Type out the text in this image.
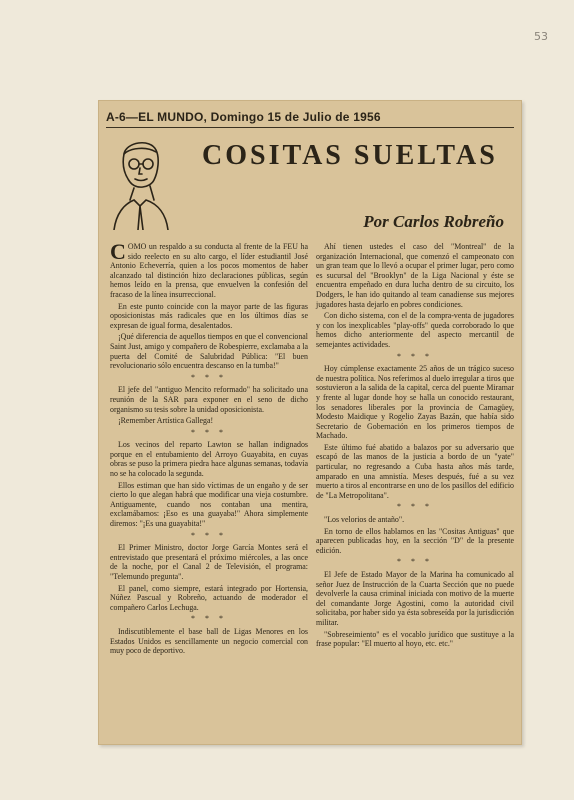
53
A-6—EL MUNDO, Domingo 15 de Julio de 1956
COSITAS SUELTAS
Por Carlos Robreño

COMO un respaldo a su conducta al frente de la FEU ha sido reelecto en su alto cargo, el líder estudiantil José Antonio Echeverría, quien a los pocos momentos de haber alcanzado tal distinción hizo declaraciones públicas, según hemos leído en la prensa, que envuelven la confesión del fracaso de la línea insurreccional.

En este punto coincide con la mayor parte de las figuras oposicionistas más radicales que en los últimos días se expresan de igual forma, desalentados.

¡Qué diferencia de aquellos tiempos en que el convencional Saint Just, amigo y compañero de Robespierre, exclamaba a la puerta del Comité de Salubridad Pública: "El buen revolucionario sólo encuentra descanso en la tumba!"

* * *

El jefe del "antiguo Mencito reformado" ha solicitado una reunión de la SAR para exponer en el seno de dicho organismo su tesis sobre la unidad oposicionista.

¡Remember Artística Gallega!

* * *

Los vecinos del reparto Lawton se hallan indignados porque en el entubamiento del Arroyo Guayabita, en cuyas obras se puso la primera piedra hace algunas semanas, todavía no se ha colocado la segunda.

Ellos estiman que han sido víctimas de un engaño y de ser cierto lo que alegan habrá que modificar una vieja costumbre. Antiguamente, cuando nos contaban una mentira, exclamábamos: ¡Eso es una guayaba!" Ahora simplemente diremos: "¡Es una guayabita!"

* * *

El Primer Ministro, doctor Jorge García Montes será el entrevistado que presentará el próximo miércoles, a las once de la noche, por el Canal 2 de Televisión, el programa: "Telemundo pregunta".

El panel, como siempre, estará integrado por Hortensia, Núñez Pascual y Robreño, actuando de moderador el compañero Carlos Lechuga.

* * *

Indiscutiblemente el base ball de Ligas Menores en los Estados Unidos es sencillamente un negocio comercial con muy poco de deportivo.

Ahí tienen ustedes el caso del "Montreal" de la organización Internacional, que comenzó el campeonato con un gran team que lo llevó a ocupar el primer lugar, pero como es sucursal del "Brooklyn" de la Liga Nacional y éste se encuentra empeñado en dura lucha dentro de su circuito, los Dodgers, le han ido quitando al team canadiense sus mejores jugadores hasta dejarlo en pobres condiciones.

Con dicho sistema, con el de la compra-venta de jugadores y con los inexplicables "play-offs" queda corroborado lo que hemos dicho anteriormente del aspecto mercantil de semejantes actividades.

* * *

Hoy cúmplense exactamente 25 años de un trágico suceso de nuestra política. Nos referimos al duelo irregular a tiros que sostuvieron a la salida de la capital, cerca del puente Miramar y frente al lugar donde hoy se halla un conocido restaurant, los senadores liberales por la provincia de Camagüey, Modesto Maidique y Rogelio Zayas Bazán, que había sido Secretario de Gobernación en los primeros tiempos de Machado.

Este último fué abatido a balazos por su adversario que escapó de las manos de la justicia a bordo de un "yate" particular, no regresando a Cuba hasta años más tarde, amparado en una amnistía. Meses después, fué a su vez muerto a tiros al encontrarse en uno de los pasillos del edificio de "La Metropolitana".

* * *

"Los velorios de antaño".

En torno de ellos hablamos en las "Cositas Antiguas" que aparecen publicadas hoy, en la sección "D" de la presente edición.

* * *

El Jefe de Estado Mayor de la Marina ha comunicado al señor Juez de Instrucción de la Cuarta Sección que no puede devolverle la causa criminal iniciada con motivo de la muerte del comandante Jorge Agostini, como la autoridad civil solicitaba, por haber sido ya ésta sobreseída por la jurisdicción militar.

"Sobreseimiento" es el vocablo jurídico que sustituye a la frase popular: "El muerto al hoyo, etc. etc."
